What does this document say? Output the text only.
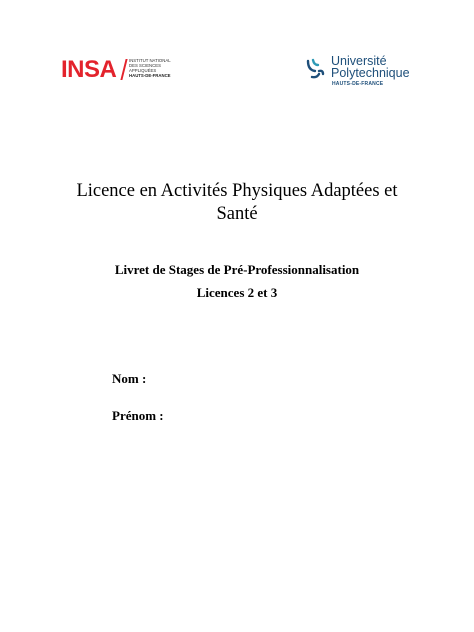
INSA	INSTITUT NATIONAL
DES SCIENCES
APPLIQUÉES
HAUTS-DE-FRANCE
Université
Polytechnique
HAUTS-DE-FRANCE
Licence en Activités Physiques Adaptées et
Santé
Livret de Stages de Pré-Professionnalisation
Licences 2 et 3
Nom :
Prénom :
